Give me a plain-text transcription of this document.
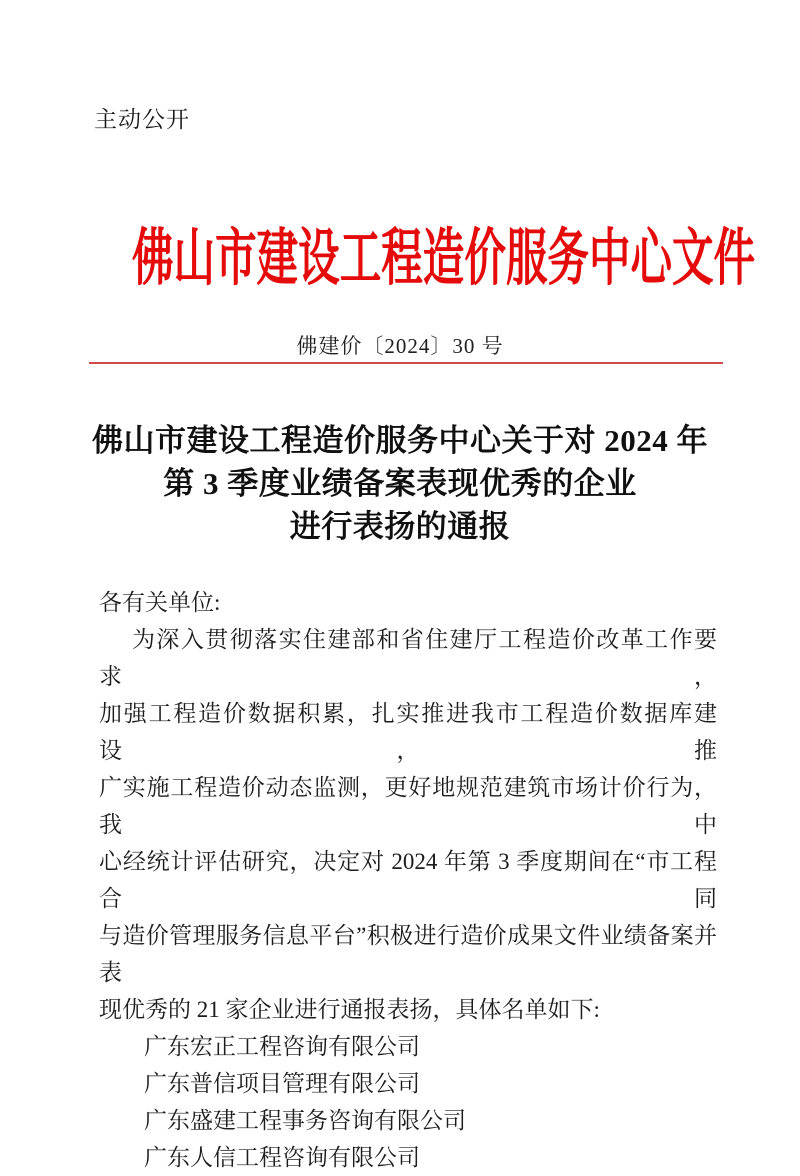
主动公开
佛山市建设工程造价服务中心文件
佛建价〔2024〕30 号
佛山市建设工程造价服务中心关于对 2024 年
第 3 季度业绩备案表现优秀的企业
进行表扬的通报
各有关单位:
为深入贯彻落实住建部和省住建厅工程造价改革工作要求，
加强工程造价数据积累，扎实推进我市工程造价数据库建设，推
广实施工程造价动态监测，更好地规范建筑市场计价行为，我中
心经统计评估研究，决定对 2024 年第 3 季度期间在“市工程合同
与造价管理服务信息平台”积极进行造价成果文件业绩备案并表
现优秀的 21 家企业进行通报表扬，具体名单如下:
广东宏正工程咨询有限公司
广东普信项目管理有限公司
广东盛建工程事务咨询有限公司
广东人信工程咨询有限公司
